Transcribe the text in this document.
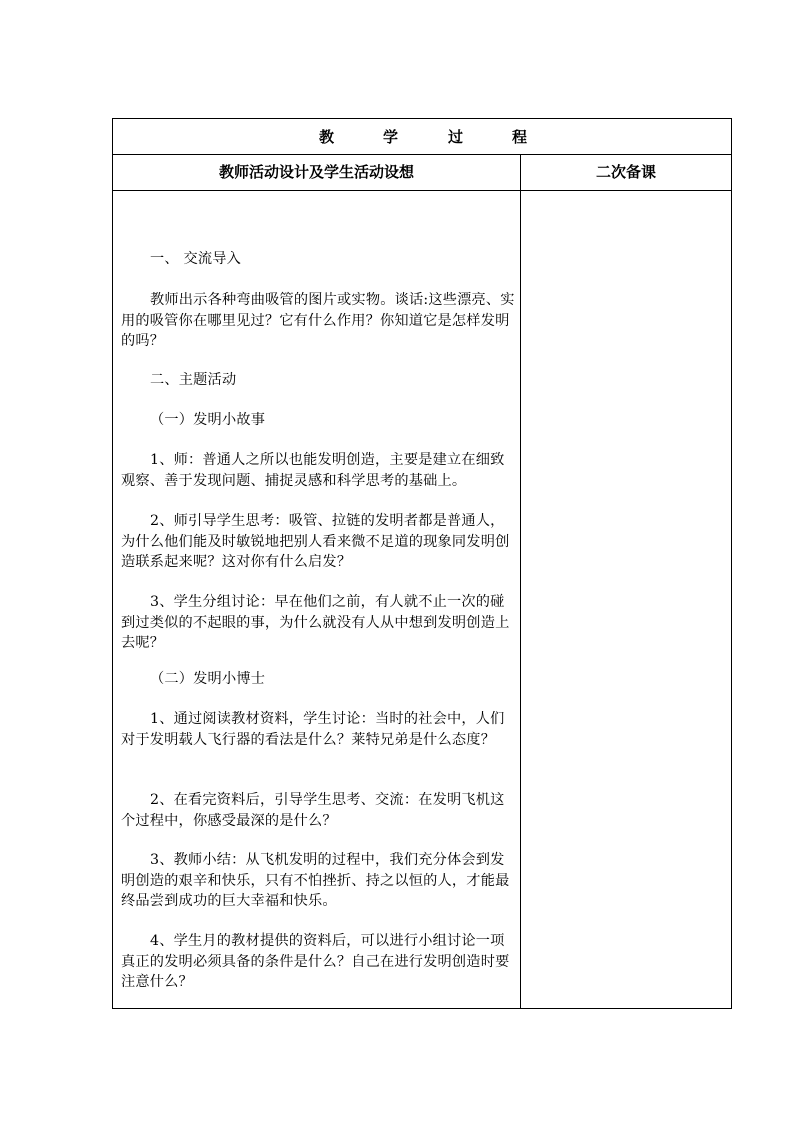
教	学	过	程
教师活动设计及学生活动设想	二次备课

一、 交流导入

教师出示各种弯曲吸管的图片或实物。谈话:这些漂亮、实用的吸管你在哪里见过？它有什么作用？你知道它是怎样发明的吗？

二、主题活动

（一）发明小故事

1、师：普通人之所以也能发明创造，主要是建立在细致观察、善于发现问题、捕捉灵感和科学思考的基础上。

2、师引导学生思考：吸管、拉链的发明者都是普通人，为什么他们能及时敏锐地把别人看来微不足道的现象同发明创造联系起来呢？这对你有什么启发？

3、学生分组讨论：早在他们之前，有人就不止一次的碰到过类似的不起眼的事，为什么就没有人从中想到发明创造上去呢？

（二）发明小博士

1、通过阅读教材资料，学生讨论：当时的社会中，人们对于发明载人飞行器的看法是什么？莱特兄弟是什么态度？

2、在看完资料后，引导学生思考、交流：在发明飞机这个过程中，你感受最深的是什么？

3、教师小结：从飞机发明的过程中，我们充分体会到发明创造的艰辛和快乐，只有不怕挫折、持之以恒的人，才能最终品尝到成功的巨大幸福和快乐。

4、学生月的教材提供的资料后，可以进行小组讨论一项真正的发明必须具备的条件是什么？自己在进行发明创造时要注意什么？
